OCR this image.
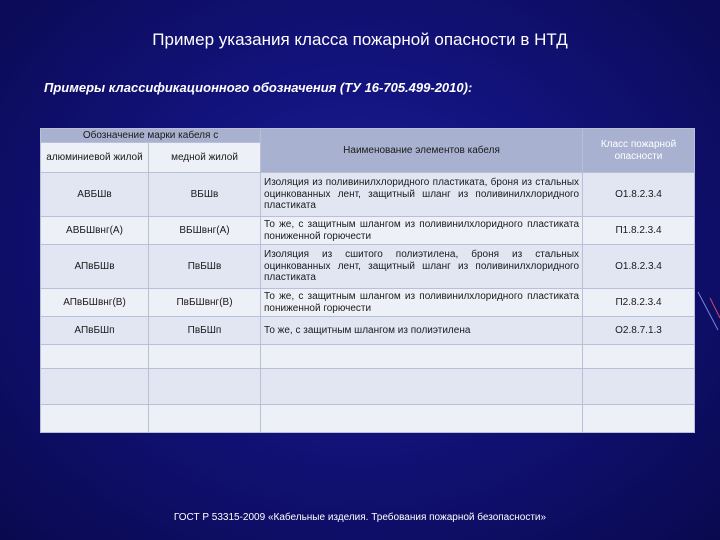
Пример указания класса пожарной опасности в НТД
Примеры классификационного обозначения (ТУ 16-705.499-2010):
Обозначение марки кабеля с		Наименование элементов кабеля	Класс пожарной опасности
алюминиевой жилой	медной жилой		
АВБШв	ВБШв	Изоляция из поливинилхлоридного пластиката, броня из стальных оцинкованных лент, защитный шланг из поливинилхлоридного пластиката	О1.8.2.3.4
АВБШвнг(А)	ВБШвнг(А)	То же, с защитным шлангом из поливинилхлоридного пластиката пониженной горючести	П1.8.2.3.4
АПвБШв	ПвБШв	Изоляция из сшитого полиэтилена, броня из стальных оцинкованных лент, защитный шланг из поливинилхлоридного пластиката	О1.8.2.3.4
АПвБШвнг(В)	ПвБШвнг(В)	То же, с защитным шлангом из поливинилхлоридного пластиката пониженной горючести	П2.8.2.3.4
АПвБШп	ПвБШп	То же, с защитным шлангом из полиэтилена	О2.8.7.1.3

ГОСТ Р 53315-2009 «Кабельные изделия. Требования пожарной безопасности»
